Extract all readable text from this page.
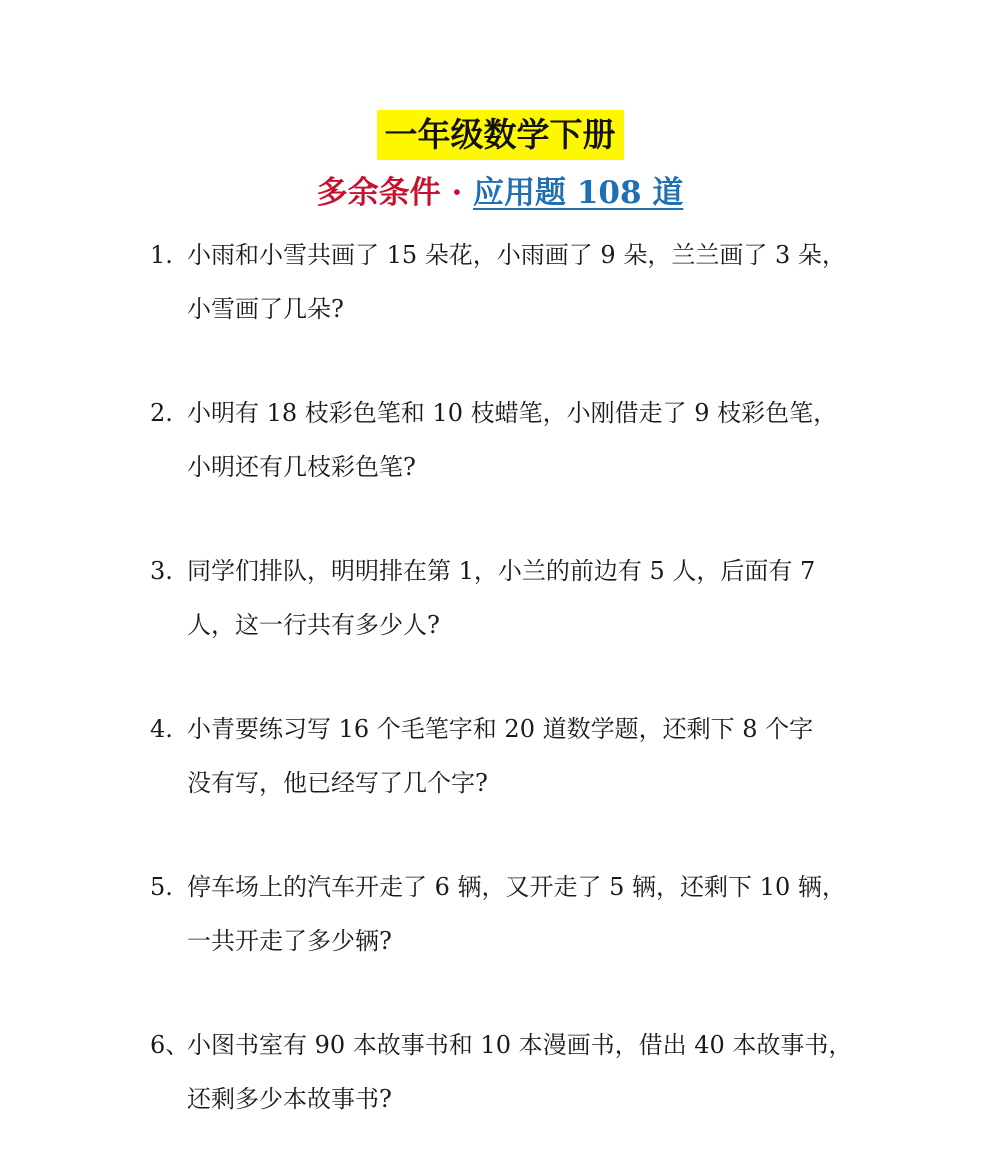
一年级数学下册
多余条件 · 应用题 108 道
1. 小雨和小雪共画了 15 朵花，小雨画了 9 朵，兰兰画了 3 朵，
小雪画了几朵?
2. 小明有 18 枝彩色笔和 10 枝蜡笔，小刚借走了 9 枝彩色笔，
小明还有几枝彩色笔?
3. 同学们排队，明明排在第 1，小兰的前边有 5 人，后面有 7
人，这一行共有多少人?
4. 小青要练习写 16 个毛笔字和 20 道数学题，还剩下 8 个字
没有写，他已经写了几个字?
5. 停车场上的汽车开走了 6 辆，又开走了 5 辆，还剩下 10 辆，
一共开走了多少辆?
6、小图书室有 90 本故事书和 10 本漫画书，借出 40 本故事书，
还剩多少本故事书?
